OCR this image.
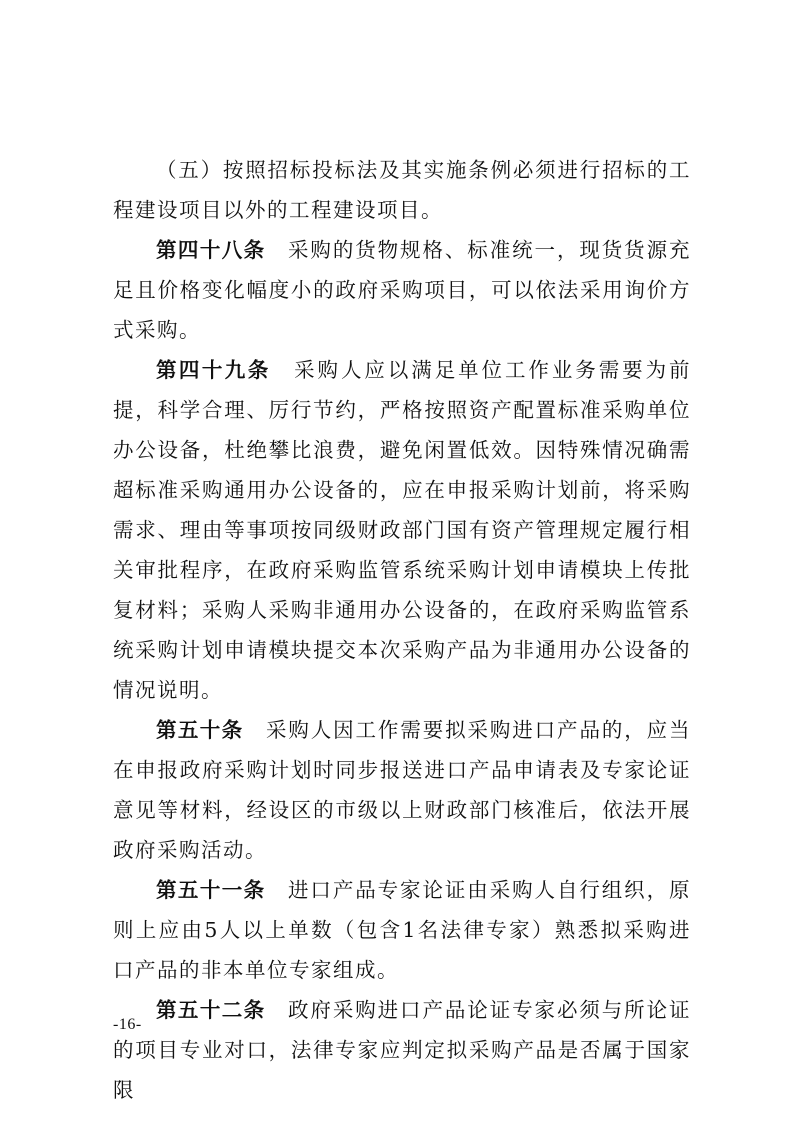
（五）按照招标投标法及其实施条例必须进行招标的工程建设项目以外的工程建设项目。

第四十八条 采购的货物规格、标准统一，现货货源充足且价格变化幅度小的政府采购项目，可以依法采用询价方式采购。

第四十九条 采购人应以满足单位工作业务需要为前提，科学合理、厉行节约，严格按照资产配置标准采购单位办公设备，杜绝攀比浪费，避免闲置低效。因特殊情况确需超标准采购通用办公设备的，应在申报采购计划前，将采购需求、理由等事项按同级财政部门国有资产管理规定履行相关审批程序，在政府采购监管系统采购计划申请模块上传批复材料；采购人采购非通用办公设备的，在政府采购监管系统采购计划申请模块提交本次采购产品为非通用办公设备的情况说明。

第五十条 采购人因工作需要拟采购进口产品的，应当在申报政府采购计划时同步报送进口产品申请表及专家论证意见等材料，经设区的市级以上财政部门核准后，依法开展政府采购活动。

第五十一条 进口产品专家论证由采购人自行组织，原则上应由5人以上单数（包含1名法律专家）熟悉拟采购进口产品的非本单位专家组成。

第五十二条 政府采购进口产品论证专家必须与所论证的项目专业对口，法律专家应判定拟采购产品是否属于国家限

-16-
